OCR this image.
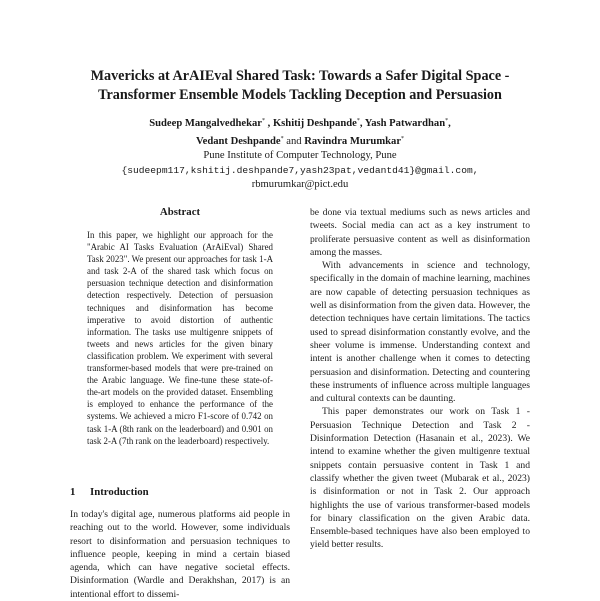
Mavericks at ArAIEval Shared Task: Towards a Safer Digital Space -
Transformer Ensemble Models Tackling Deception and Persuasion
Sudeep Mangalvedhekar* , Kshitij Deshpande*, Yash Patwardhan*,
Vedant Deshpande* and Ravindra Murumkar*
Pune Institute of Computer Technology, Pune
{sudeepm117,kshitij.deshpande7,yash23pat,vedantd41}@gmail.com,
rbmurumkar@pict.edu
Abstract
In this paper, we highlight our approach for the "Arabic AI Tasks Evaluation (ArAiEval) Shared Task 2023". We present our approaches for task 1-A and task 2-A of the shared task which focus on persuasion technique detection and disinformation detection respectively. Detection of persuasion techniques and disinformation has become imperative to avoid distortion of authentic information. The tasks use multigenre snippets of tweets and news articles for the given binary classification problem. We experiment with several transformer-based models that were pre-trained on the Arabic language. We fine-tune these state-of-the-art models on the provided dataset. Ensembling is employed to enhance the performance of the systems. We achieved a micro F1-score of 0.742 on task 1-A (8th rank on the leaderboard) and 0.901 on task 2-A (7th rank on the leaderboard) respectively.
1 Introduction
In today's digital age, numerous platforms aid people in reaching out to the world. However, some individuals resort to disinformation and persuasion techniques to influence people, keeping in mind a certain biased agenda, which can have negative societal effects. Disinformation (Wardle and Derakhshan, 2017) is an intentional effort to dissemi-

be done via textual mediums such as news articles and tweets. Social media can act as a key instrument to proliferate persuasive content as well as disinformation among the masses.

With advancements in science and technology, specifically in the domain of machine learning, machines are now capable of detecting persuasion techniques as well as disinformation from the given data. However, the detection techniques have certain limitations. The tactics used to spread disinformation constantly evolve, and the sheer volume is immense. Understanding context and intent is another challenge when it comes to detecting persuasion and disinformation. Detecting and countering these instruments of influence across multiple languages and cultural contexts can be daunting.

This paper demonstrates our work on Task 1 - Persuasion Technique Detection and Task 2 - Disinformation Detection (Hasanain et al., 2023). We intend to examine whether the given multigenre textual snippets contain persuasive content in Task 1 and classify whether the given tweet (Mubarak et al., 2023) is disinformation or not in Task 2. Our approach highlights the use of various transformer-based models for binary classification on the given Arabic data. Ensemble-based techniques have also been employed to yield better results.
